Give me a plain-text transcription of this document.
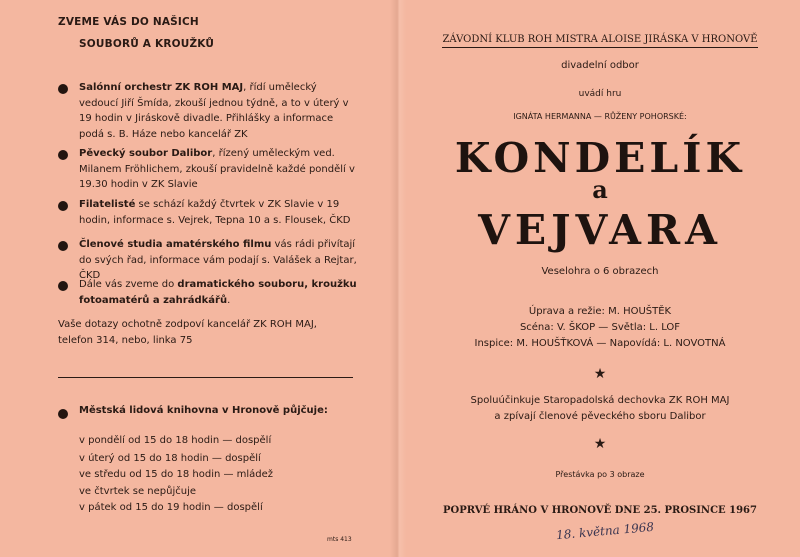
ZVEME VÁS DO NAŠICH
SOUBORŮ A KROUŽKŮ
Salónní orchestr ZK ROH MAJ, řídí umělecký vedoucí Jiří Šmída, zkouší jednou týdně, a to v úterý v 19 hodin v Jiráskově divadle. Přihlášky a informace podá s. B. Háze nebo kancelář ZK
Pěvecký soubor Dalibor, řízený uměleckým ved. Milanem Fröhlichem, zkouší pravidelně každé pondělí v 19.30 hodin v ZK Slavie
Filatelisté se schází každý čtvrtek v ZK Slavie v 19 hodin, informace s. Vejrek, Tepna 10 a s. Flousek, ČKD
Členové studia amatérského filmu vás rádi přivítají do svých řad, informace vám podají s. Valášek a Rejtar, ČKD
Dále vás zveme do dramatického souboru, kroužku fotoamatérů a zahrádkářů.
Vaše dotazy ochotně zodpoví kancelář ZK ROH MAJ, telefon 314, nebo, linka 75
Městská lidová knihovna v Hronově půjčuje:
v pondělí od 15 do 18 hodin — dospělí
v úterý od 15 do 18 hodin — dospělí
ve středu od 15 do 18 hodin — mládež
ve čtvrtek se nepůjčuje
v pátek od 15 do 19 hodin — dospělí
mts 413
ZÁVODNÍ KLUB ROH MISTRA ALOISE JIRÁSKA V HRONOVĚ
divadelní odbor
uvádí hru
IGNÁTA HERMANNA — RŮŽENY POHORSKÉ:
KONDELÍK
a
VEJVARA
Veselohra o 6 obrazech
Úprava a režie: M. HOUŠTĚK
Scéna: V. ŠKOP — Světla: L. LOF
Inspice: M. HOUŠŤKOVÁ — Napovídá: L. NOVOTNÁ
★
Spoluúčinkuje Staropadolská dechovka ZK ROH MAJ
a zpívají členové pěveckého sboru Dalibor
★
Přestávka po 3 obraze
POPRVÉ HRÁNO V HRONOVĚ DNE 25. PROSINCE 1967
18. května 1968
